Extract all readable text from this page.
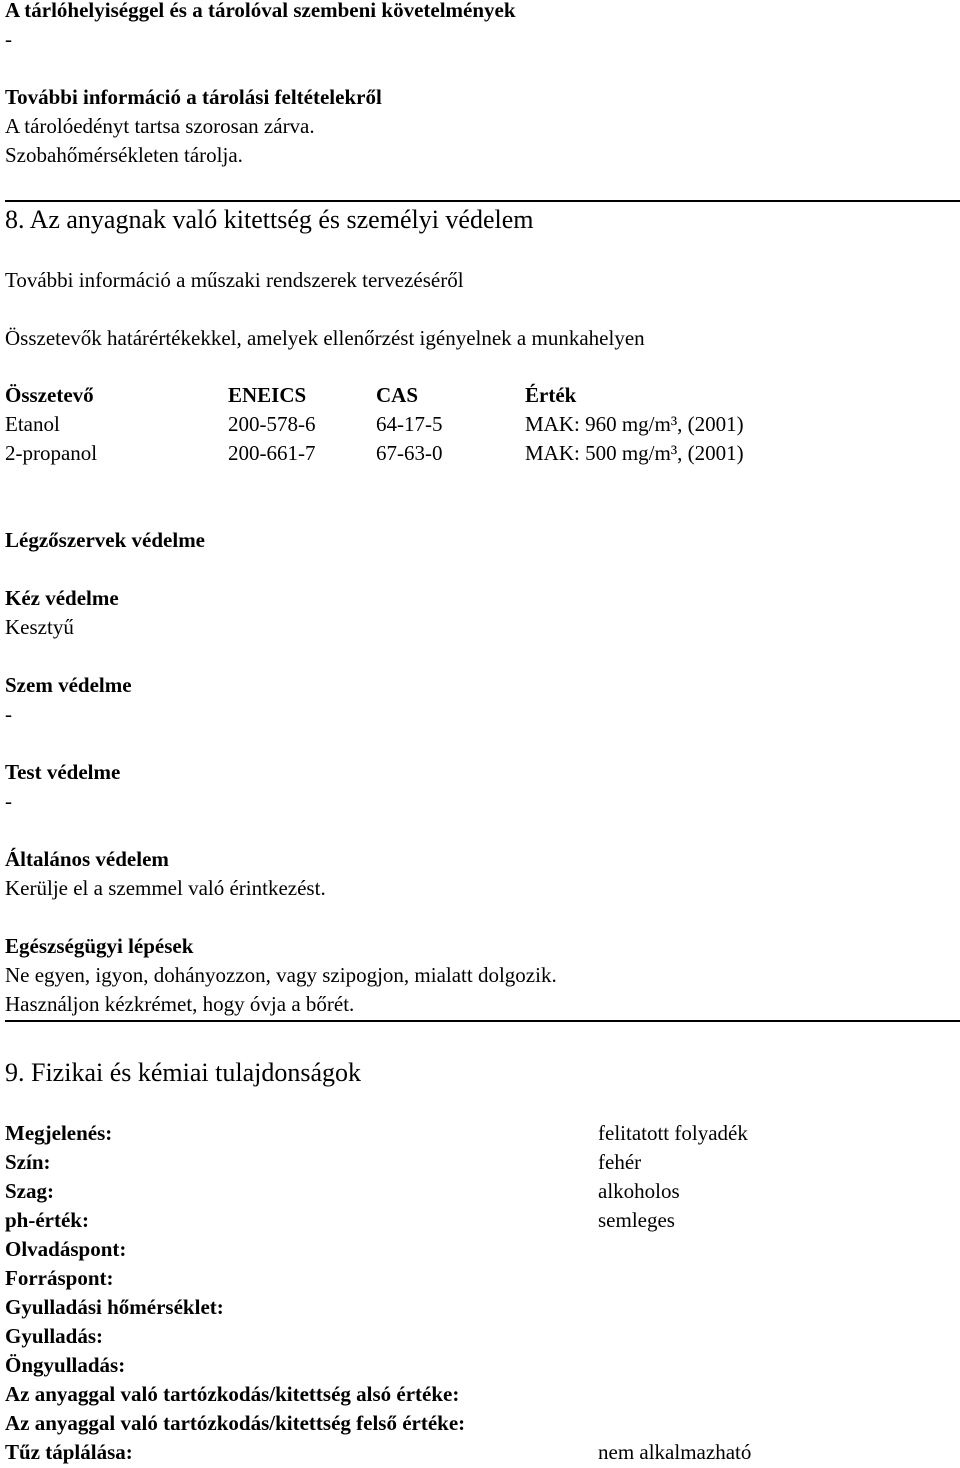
A tárlóhelyiséggel és a tárolóval szembeni követelmények
-
További információ a tárolási feltételekről
A tárolóedényt tartsa szorosan zárva.
Szobahőmérsékleten tárolja.
8. Az anyagnak való kitettség és személyi védelem
További információ a műszaki rendszerek tervezéséről
Összetevők határértékekkel, amelyek ellenőrzést igényelnek a munkahelyen
Összetevő	ENEICS	CAS	Érték
Etanol	200-578-6	64-17-5	MAK: 960 mg/m³, (2001)
2-propanol	200-661-7	67-63-0	MAK: 500 mg/m³, (2001)
Légzőszervek védelme
Kéz védelme
Kesztyű
Szem védelme
-
Test védelme
-
Általános védelem
Kerülje el a szemmel való érintkezést.
Egészségügyi lépések
Ne egyen, igyon, dohányozzon, vagy szipogjon, mialatt dolgozik.
Használjon kézkrémet, hogy óvja a bőrét.
9. Fizikai és kémiai tulajdonságok
Megjelenés:	felitatott folyadék
Szín:	fehér
Szag:	alkoholos
ph-érték:	semleges
Olvadáspont:
Forráspont:
Gyulladási hőmérséklet:
Gyulladás:
Öngyulladás:
Az anyaggal való tartózkodás/kitettség alsó értéke:
Az anyaggal való tartózkodás/kitettség felső értéke:
Tűz táplálása:	nem alkalmazható
